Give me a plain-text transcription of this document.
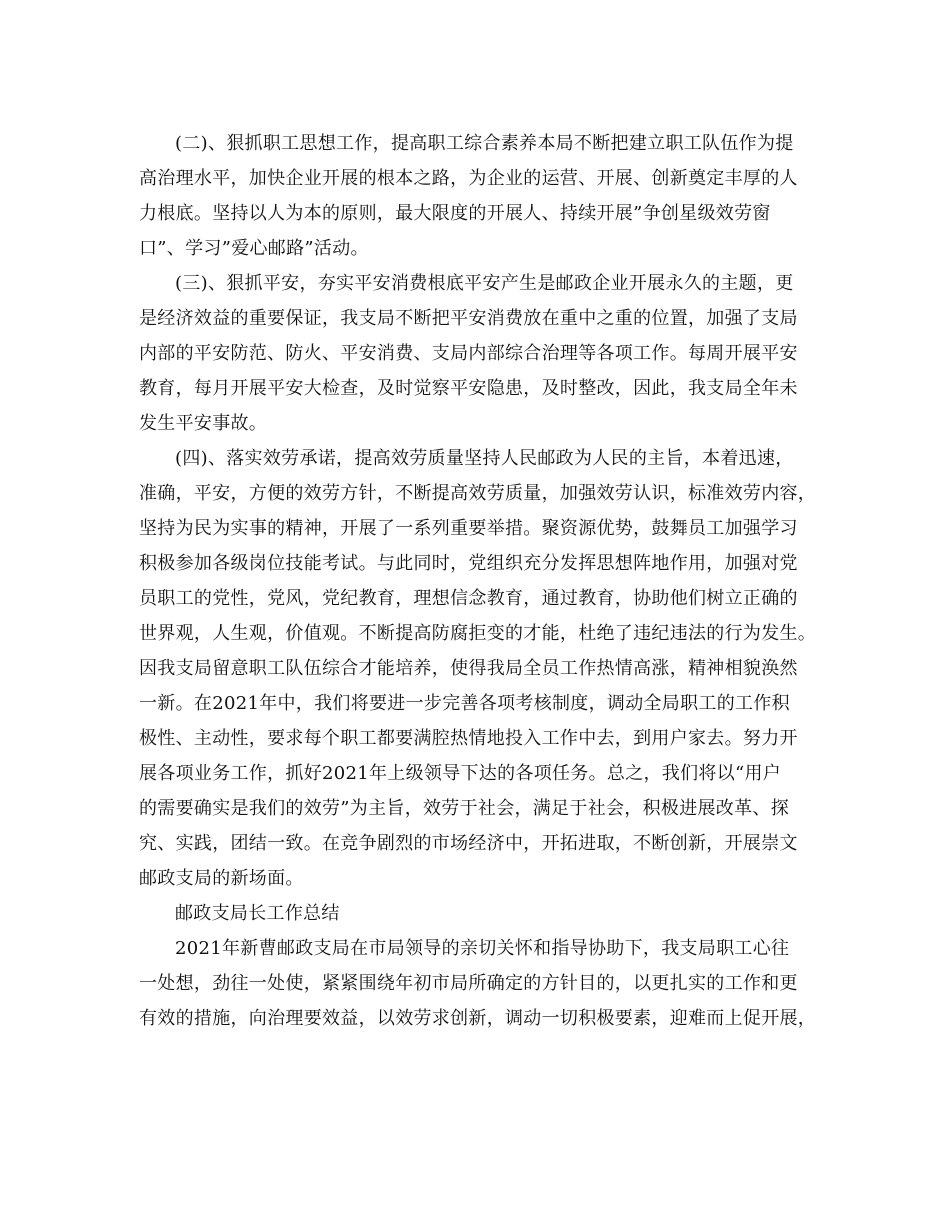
(二)、狠抓职工思想工作，提高职工综合素养本局不断把建立职工队伍作为提
高治理水平，加快企业开展的根本之路，为企业的运营、开展、创新奠定丰厚的人
力根底。坚持以人为本的原则，最大限度的开展人、持续开展”争创星级效劳窗
口”、学习”爱心邮路”活动。
(三)、狠抓平安，夯实平安消费根底平安产生是邮政企业开展永久的主题，更
是经济效益的重要保证，我支局不断把平安消费放在重中之重的位置，加强了支局
内部的平安防范、防火、平安消费、支局内部综合治理等各项工作。每周开展平安
教育，每月开展平安大检查，及时觉察平安隐患，及时整改，因此，我支局全年未
发生平安事故。
(四)、落实效劳承诺，提高效劳质量坚持人民邮政为人民的主旨，本着迅速，
准确，平安，方便的效劳方针，不断提高效劳质量，加强效劳认识，标准效劳内容，
坚持为民为实事的精神，开展了一系列重要举措。聚资源优势，鼓舞员工加强学习
积极参加各级岗位技能考试。与此同时，党组织充分发挥思想阵地作用，加强对党
员职工的党性，党风，党纪教育，理想信念教育，通过教育，协助他们树立正确的
世界观，人生观，价值观。不断提高防腐拒变的才能，杜绝了违纪违法的行为发生。
因我支局留意职工队伍综合才能培养，使得我局全员工作热情高涨，精神相貌涣然
一新。在2021年中，我们将要进一步完善各项考核制度，调动全局职工的工作积
极性、主动性，要求每个职工都要满腔热情地投入工作中去，到用户家去。努力开
展各项业务工作，抓好2021年上级领导下达的各项任务。总之，我们将以“用户
的需要确实是我们的效劳”为主旨，效劳于社会，满足于社会，积极进展改革、探
究、实践，团结一致。在竞争剧烈的市场经济中，开拓进取，不断创新，开展崇文
邮政支局的新场面。
邮政支局长工作总结
2021年新曹邮政支局在市局领导的亲切关怀和指导协助下，我支局职工心往
一处想，劲往一处使，紧紧围绕年初市局所确定的方针目的，以更扎实的工作和更
有效的措施，向治理要效益，以效劳求创新，调动一切积极要素，迎难而上促开展，
